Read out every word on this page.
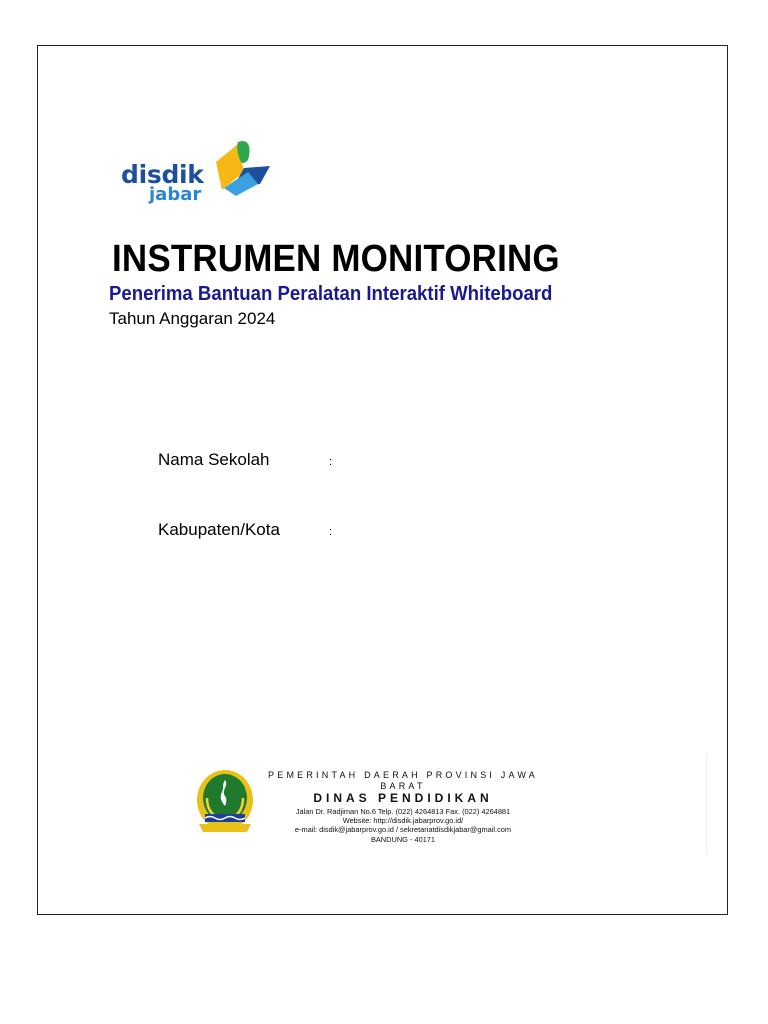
disdik
jabar
INSTRUMEN MONITORING
Penerima Bantuan Peralatan Interaktif Whiteboard
Tahun Anggaran 2024
Nama Sekolah	:
Kabupaten/Kota	:
PEMERINTAH DAERAH PROVINSI JAWA BARAT
DINAS PENDIDIKAN
Jalan Dr. Radjiman No.6 Telp. (022) 4264813 Fax. (022) 4264881
Website: http://disdik.jabarprov.go.id/
e-mail: disdik@jabarprov.go.id / sekretariatdisdikjabar@gmail.com
BANDUNG - 40171
